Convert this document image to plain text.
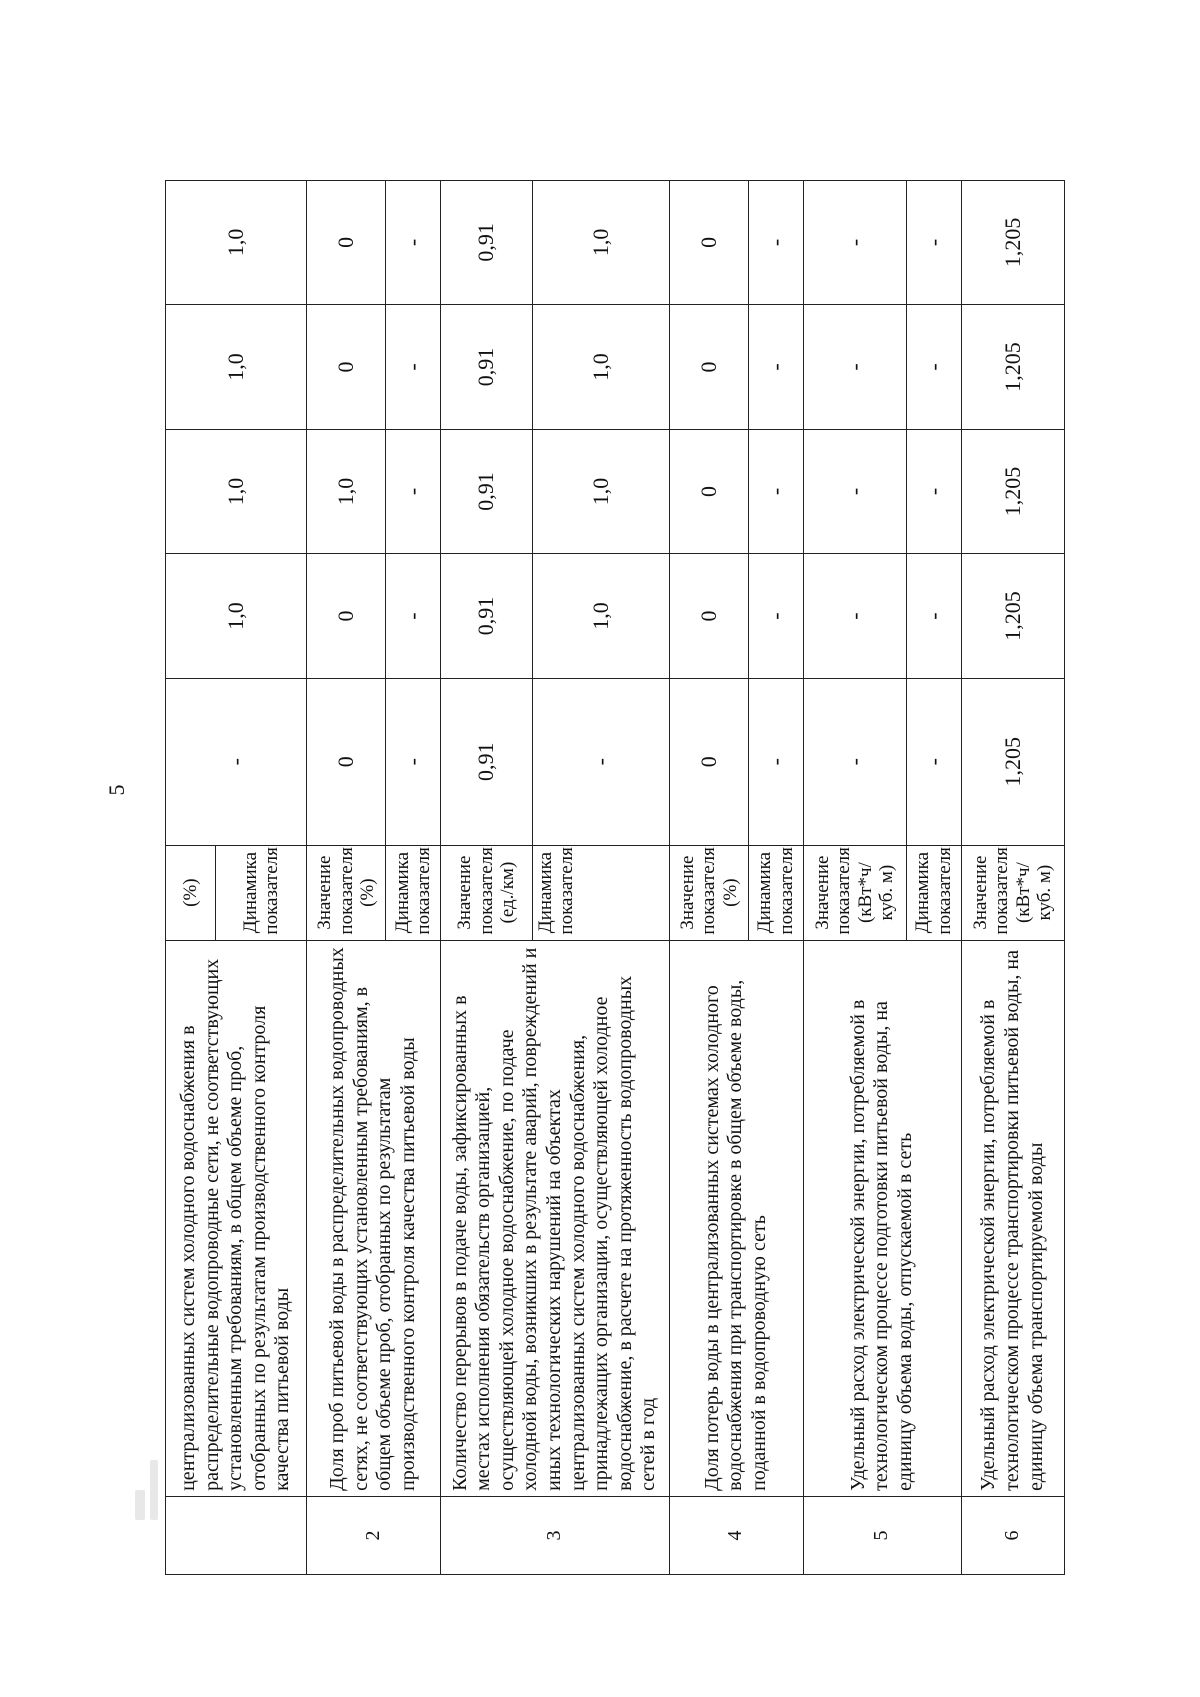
5
	централизованных систем холодного водоснабжения в распределительные водопроводные сети, не соответствующих установленным требованиям, в общем объеме проб, отобранных по результатам производственного контроля качества питьевой воды	(%)	-	1,0	1,0	1,0	1,0
		Динамика показателя					
2	Доля проб питьевой воды в распределительных водопроводных сетях, не соответствующих установленным требованиям, в общем объеме проб, отобранных по результатам производственного контроля качества питьевой воды	Значение показателя (%)	0	0	1,0	0	0
		Динамика показателя	-	-	-	-	-
3	Количество перерывов в подаче воды, зафиксированных в местах исполнения обязательств организацией, осуществляющей холодное водоснабжение, по подаче холодной воды, возникших в результате аварий, повреждений и иных технологических нарушений на объектах централизованных систем холодного водоснабжения, принадлежащих организации, осуществляющей холодное водоснабжение, в расчете на протяженность водопроводных сетей в год	Значение показателя (ед./км)	0,91	0,91	0,91	0,91	0,91
		Динамика показателя	-	1,0	1,0	1,0	1,0
4	Доля потерь воды в централизованных системах холодного водоснабжения при транспортировке в общем объеме воды, поданной в водопроводную сеть	Значение показателя (%)	0	0	0	0	0
		Динамика показателя	-	-	-	-	-
5	Удельный расход электрической энергии, потребляемой в технологическом процессе подготовки питьевой воды, на единицу объема воды, отпускаемой в сеть	Значение показателя (кВт*ч/куб. м)	-	-	-	-	-
		Динамика показателя	-	-	-	-	-
6	Удельный расход электрической энергии, потребляемой в технологическом процессе транспортировки питьевой воды, на единицу объема транспортируемой воды	Значение показателя (кВт*ч/куб. м)	1,205	1,205	1,205	1,205	1,205
